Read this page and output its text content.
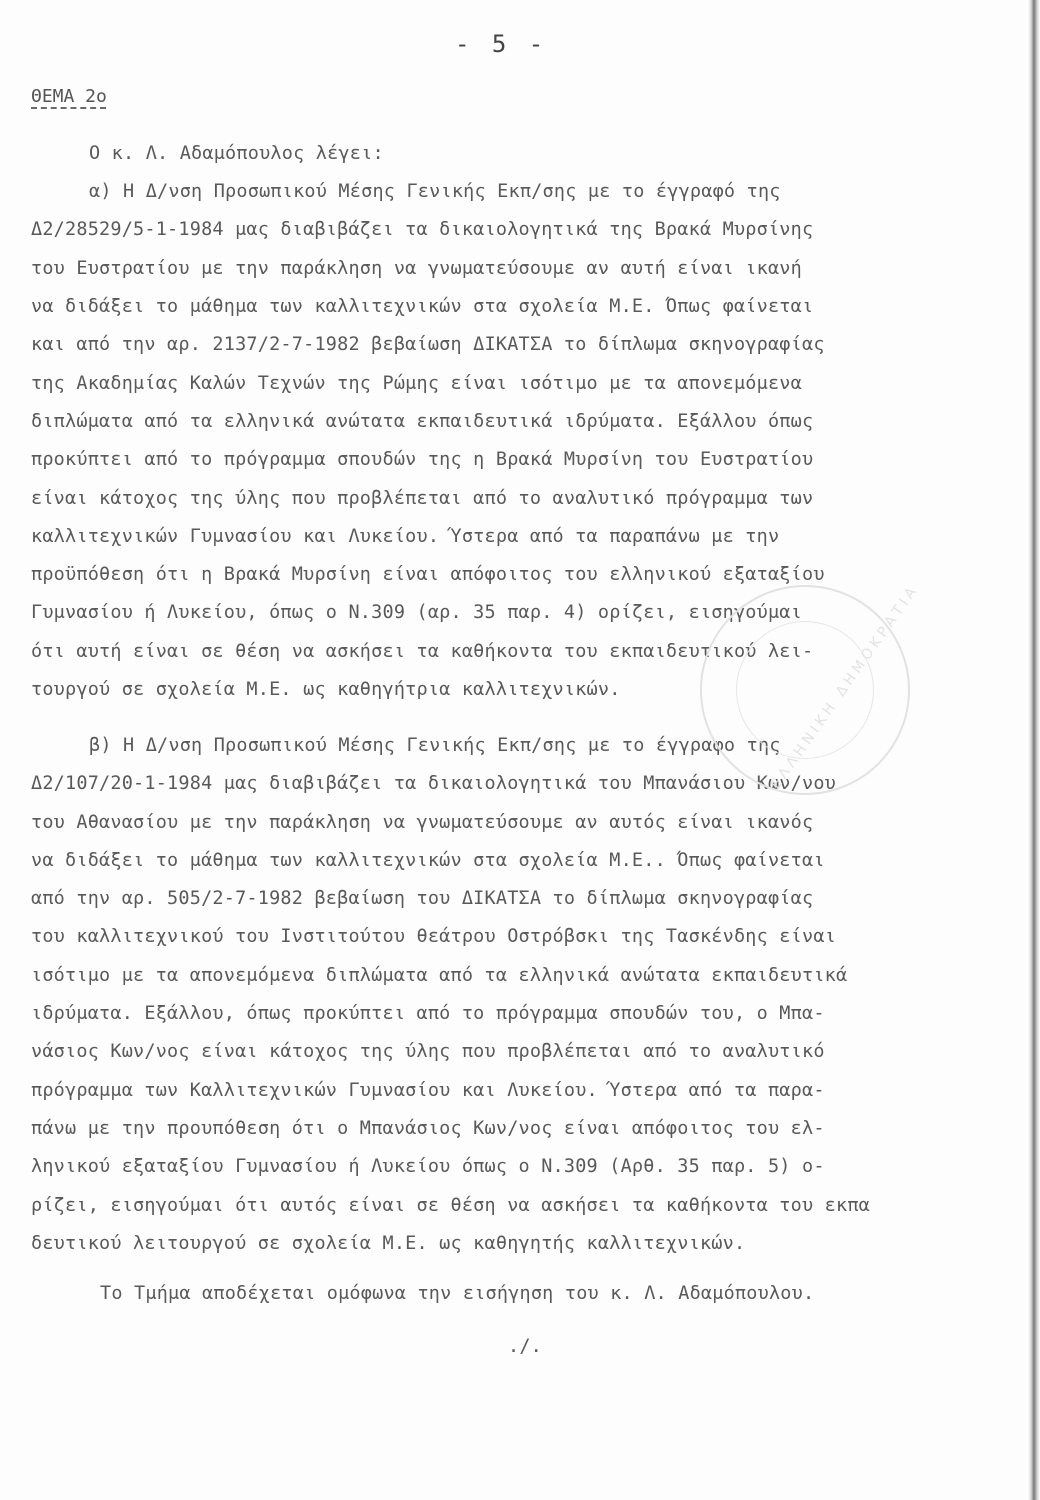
- 5 -
ΘΕΜΑ 2ο
Ο κ. Λ. Αδαμόπουλος λέγει:
α) Η Δ/νση Προσωπικού Μέσης Γενικής Εκπ/σης με το έγγραφό της
Δ2/28529/5-1-1984 μας διαβιβάζει τα δικαιολογητικά της Βρακά Μυρσίνης
του Ευστρατίου με την παράκληση να γνωματεύσουμε αν αυτή είναι ικανή
να διδάξει το μάθημα των καλλιτεχνικών στα σχολεία Μ.Ε. Όπως φαίνεται
και από την αρ. 2137/2-7-1982 βεβαίωση ΔΙΚΑΤΣΑ το δίπλωμα σκηνογραφίας
της Ακαδημίας Καλών Τεχνών της Ρώμης είναι ισότιμο με τα απονεμόμενα
διπλώματα από τα ελληνικά ανώτατα εκπαιδευτικά ιδρύματα. Εξάλλου όπως
προκύπτει από το πρόγραμμα σπουδών της η Βρακά Μυρσίνη του Ευστρατίου
είναι κάτοχος της ύλης που προβλέπεται από το αναλυτικό πρόγραμμα των
καλλιτεχνικών Γυμνασίου και Λυκείου. Ύστερα από τα παραπάνω με την
προϋπόθεση ότι η Βρακά Μυρσίνη είναι απόφοιτος του ελληνικού εξαταξίου
Γυμνασίου ή Λυκείου, όπως ο Ν.309 (αρ. 35 παρ. 4) ορίζει, εισηγούμαι
ότι αυτή είναι σε θέση να ασκήσει τα καθήκοντα του εκπαιδευτικού λει-
τουργού σε σχολεία Μ.Ε. ως καθηγήτρια καλλιτεχνικών.
β) Η Δ/νση Προσωπικού Μέσης Γενικής Εκπ/σης με το έγγραφο της
Δ2/107/20-1-1984 μας διαβιβάζει τα δικαιολογητικά του Μπανάσιου Κων/νου
του Αθανασίου με την παράκληση να γνωματεύσουμε αν αυτός είναι ικανός
να διδάξει το μάθημα των καλλιτεχνικών στα σχολεία Μ.Ε.. Όπως φαίνεται
από την αρ. 505/2-7-1982 βεβαίωση του ΔΙΚΑΤΣΑ το δίπλωμα σκηνογραφίας
του καλλιτεχνικού του Ινστιτούτου θεάτρου Οστρόβσκι της Τασκένδης είναι
ισότιμο με τα απονεμόμενα διπλώματα από τα ελληνικά ανώτατα εκπαιδευτικά
ιδρύματα. Εξάλλου, όπως προκύπτει από το πρόγραμμα σπουδών του, ο Μπα-
νάσιος Κων/νος είναι κάτοχος της ύλης που προβλέπεται από το αναλυτικό
πρόγραμμα των Καλλιτεχνικών Γυμνασίου και Λυκείου. Ύστερα από τα παρα-
πάνω με την προυπόθεση ότι ο Μπανάσιος Κων/νος είναι απόφοιτος του ελ-
ληνικού εξαταξίου Γυμνασίου ή Λυκείου όπως ο Ν.309 (Αρθ. 35 παρ. 5) ο-
ρίζει, εισηγούμαι ότι αυτός είναι σε θέση να ασκήσει τα καθήκοντα του εκπα
δευτικού λειτουργού σε σχολεία Μ.Ε. ως καθηγητής καλλιτεχνικών.
Το Τμήμα αποδέχεται ομόφωνα την εισήγηση του κ. Λ. Αδαμόπουλου.
./.
ΕΛΛΗΝΙΚΗ ΔΗΜΟΚΡΑΤΙΑ
